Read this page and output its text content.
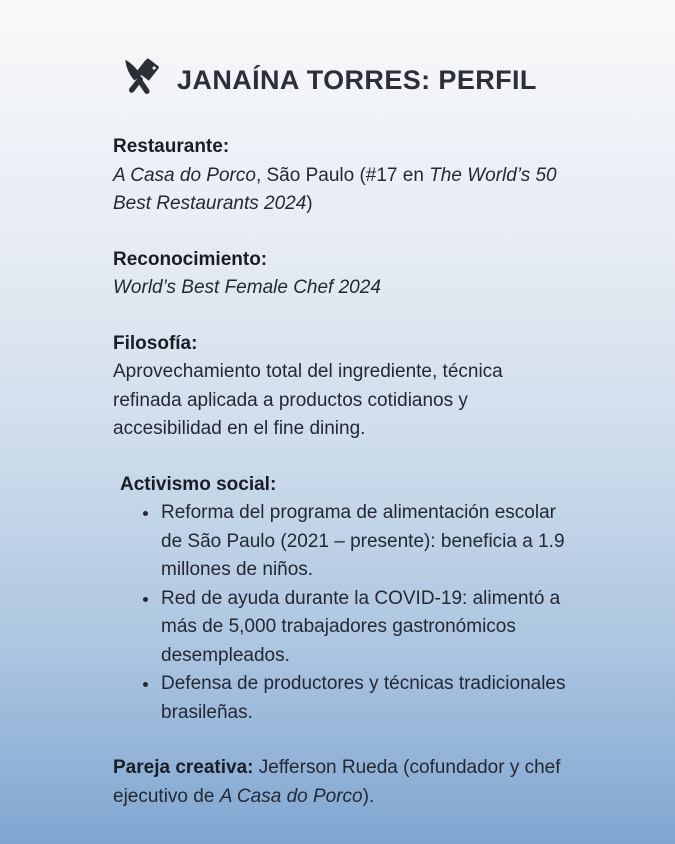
JANAÍNA TORRES: PERFIL

Restaurante:

A Casa do Porco, São Paulo (#17 en The World’s 50 Best Restaurants 2024)

Reconocimiento:

World’s Best Female Chef 2024

Filosofía:

Aprovechamiento total del ingrediente, técnica refinada aplicada a productos cotidianos y accesibilidad en el fine dining.

Activismo social:

• Reforma del programa de alimentación escolar de São Paulo (2021 – presente): beneficia a 1.9 millones de niños.
• Red de ayuda durante la COVID-19: alimentó a más de 5,000 trabajadores gastronómicos desempleados.
• Defensa de productores y técnicas tradicionales brasileñas.

Pareja creativa: Jefferson Rueda (cofundador y chef ejecutivo de A Casa do Porco).
